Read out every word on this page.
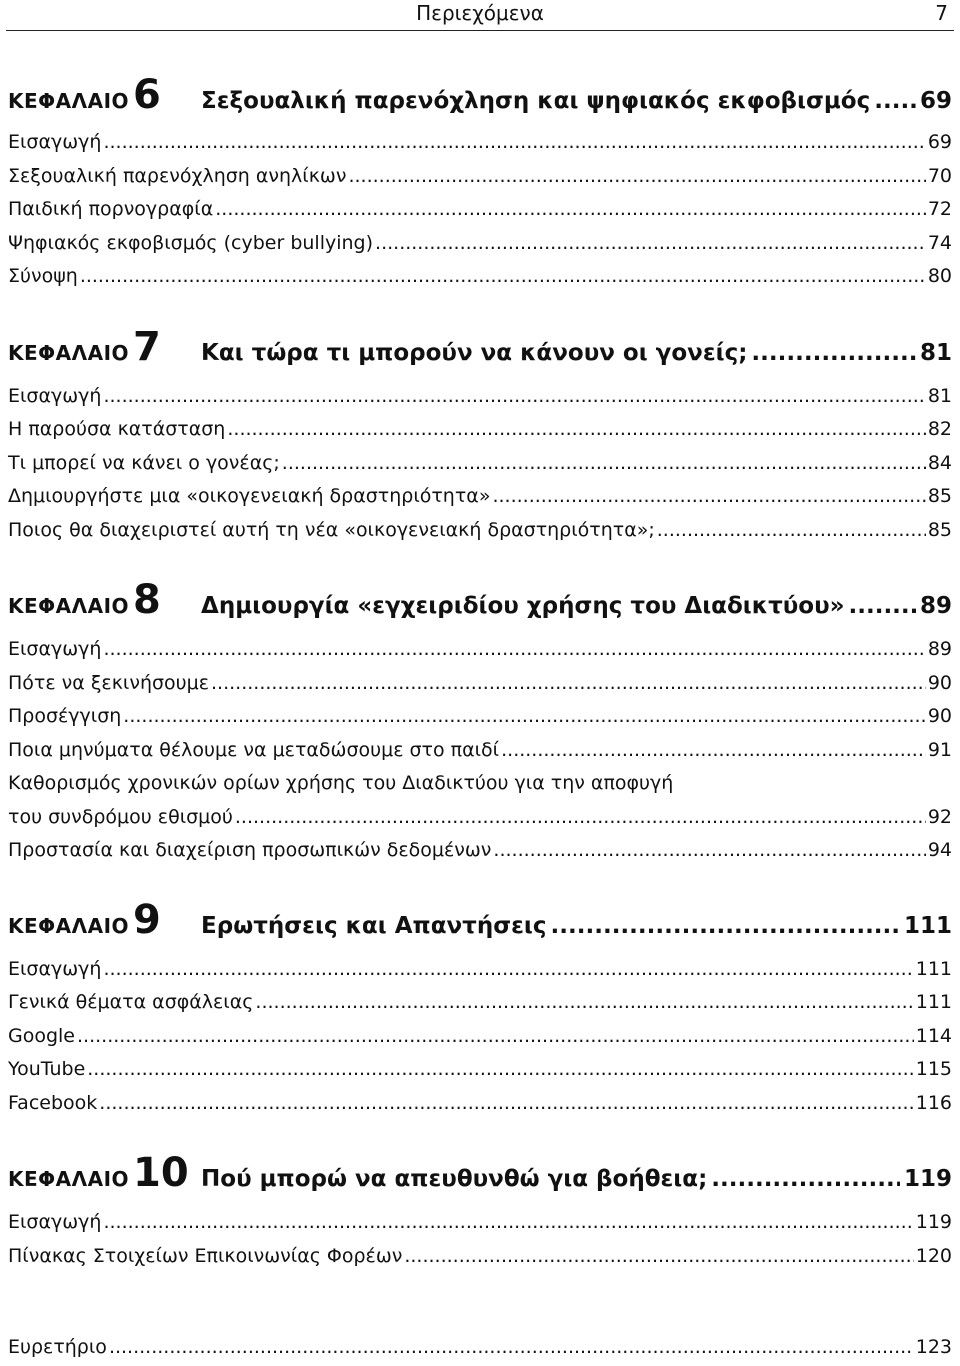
Περιεχόμενα	7
ΚΕΦΑΛΑΙΟ 6	Σεξουαλική παρενόχληση και ψηφιακός εκφοβισμός ..... 69
Εισαγωγή .....	69
Σεξουαλική παρενόχληση ανηλίκων .....	70
Παιδική πορνογραφία .....	72
Ψηφιακός εκφοβισμός (cyber bullying) .....	74
Σύνοψη .....	80
ΚΕΦΑΛΑΙΟ 7	Και τώρα τι μπορούν να κάνουν οι γονείς; .....	81
Εισαγωγή .....	81
Η παρούσα κατάσταση .....	82
Τι μπορεί να κάνει ο γονέας; .....	84
Δημιουργήστε μια «οικογενειακή δραστηριότητα» .....	85
Ποιος θα διαχειριστεί αυτή τη νέα «οικογενειακή δραστηριότητα»; .....	85
ΚΕΦΑΛΑΙΟ 8	Δημιουργία «εγχειριδίου χρήσης του Διαδικτύου» .....	89
Εισαγωγή .....	89
Πότε να ξεκινήσουμε .....	90
Προσέγγιση .....	90
Ποια μηνύματα θέλουμε να μεταδώσουμε στο παιδί .....	91
Καθορισμός χρονικών ορίων χρήσης του Διαδικτύου για την αποφυγή
του συνδρόμου εθισμού .....	92
Προστασία και διαχείριση προσωπικών δεδομένων .....	94
ΚΕΦΑΛΑΙΟ 9	Ερωτήσεις και Απαντήσεις .....	111
Εισαγωγή .....	111
Γενικά θέματα ασφάλειας .....	111
Google .....	114
YouTube .....	115
Facebook .....	116
ΚΕΦΑΛΑΙΟ 10 Πού μπορώ να απευθυνθώ για βοήθεια; .....	119
Εισαγωγή .....	119
Πίνακας Στοιχείων Επικοινωνίας Φορέων .....	120
Ευρετήριο .....	123
